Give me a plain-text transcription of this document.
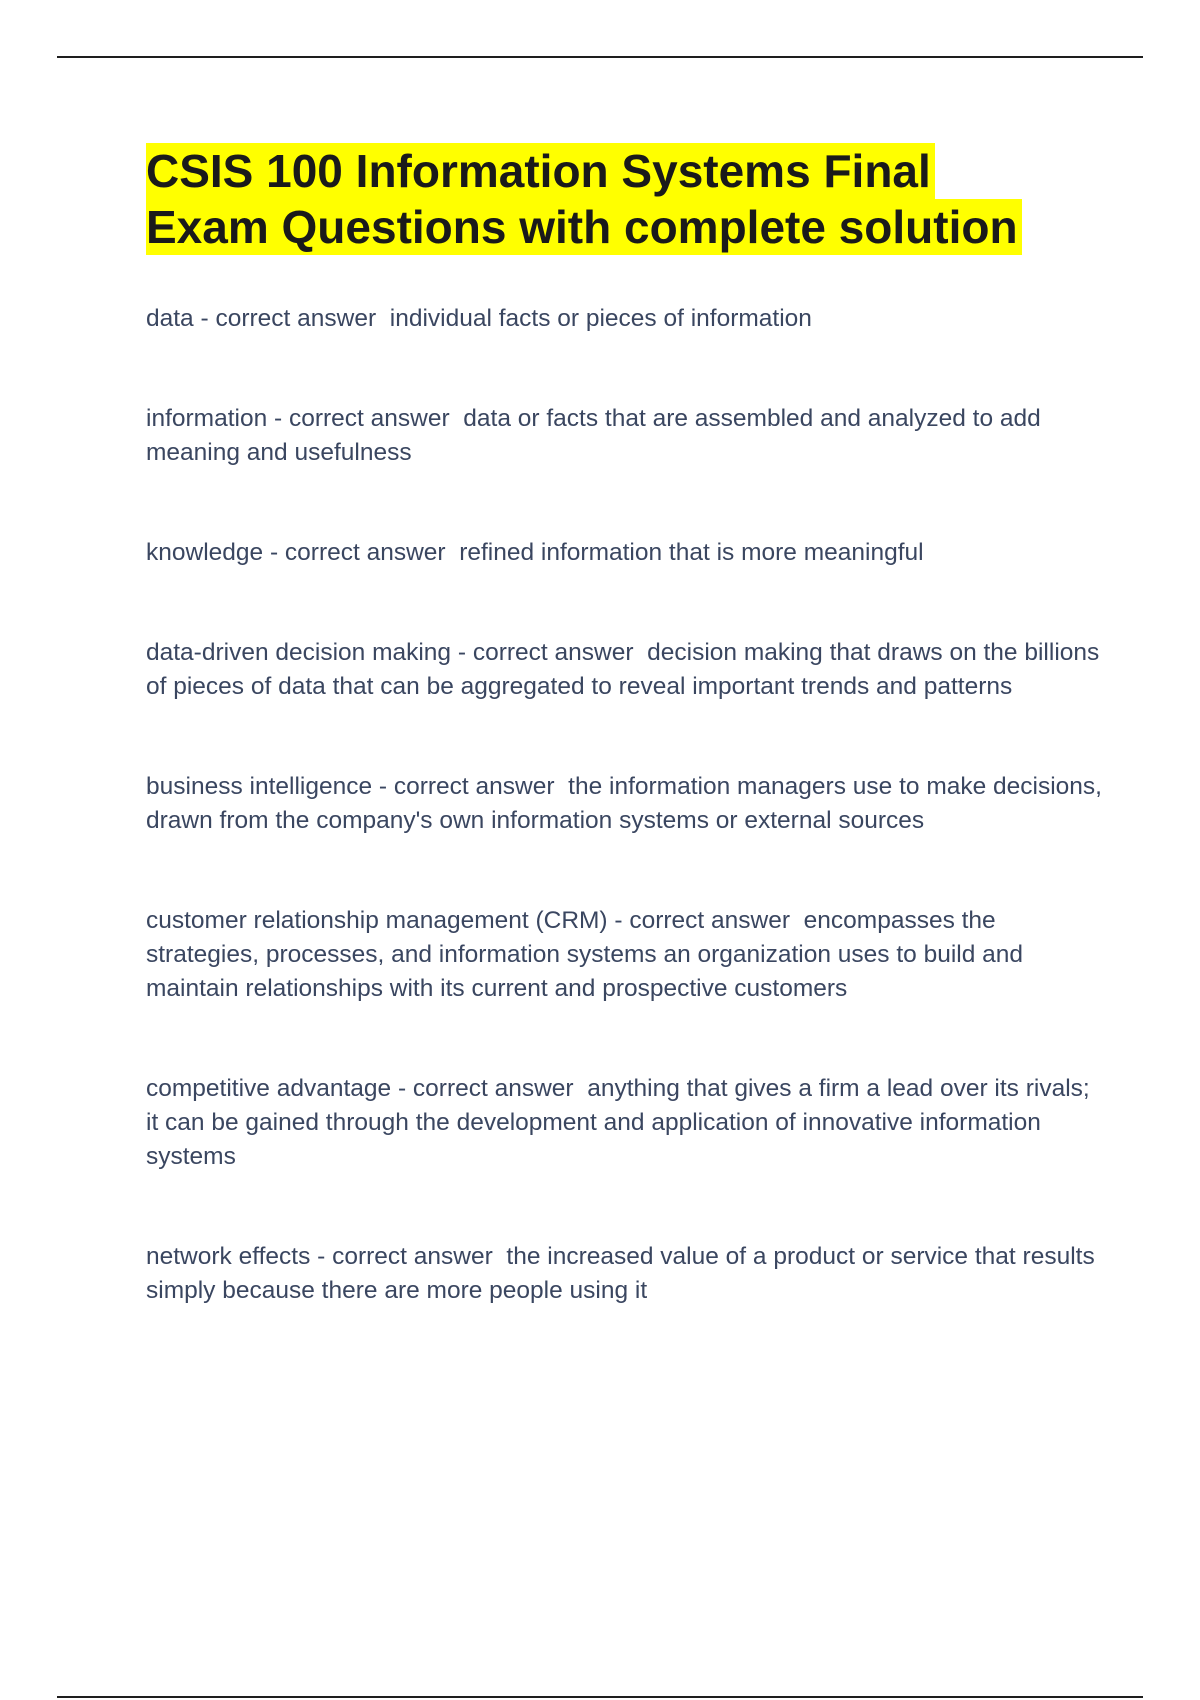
CSIS 100 Information Systems Final
Exam Questions with complete solution

data - correct answer  individual facts or pieces of information

information - correct answer  data or facts that are assembled and analyzed to add meaning and usefulness

knowledge - correct answer  refined information that is more meaningful

data-driven decision making - correct answer  decision making that draws on the billions of pieces of data that can be aggregated to reveal important trends and patterns

business intelligence - correct answer  the information managers use to make decisions, drawn from the company's own information systems or external sources

customer relationship management (CRM) - correct answer  encompasses the strategies, processes, and information systems an organization uses to build and maintain relationships with its current and prospective customers

competitive advantage - correct answer  anything that gives a firm a lead over its rivals; it can be gained through the development and application of innovative information systems

network effects - correct answer  the increased value of a product or service that results simply because there are more people using it
